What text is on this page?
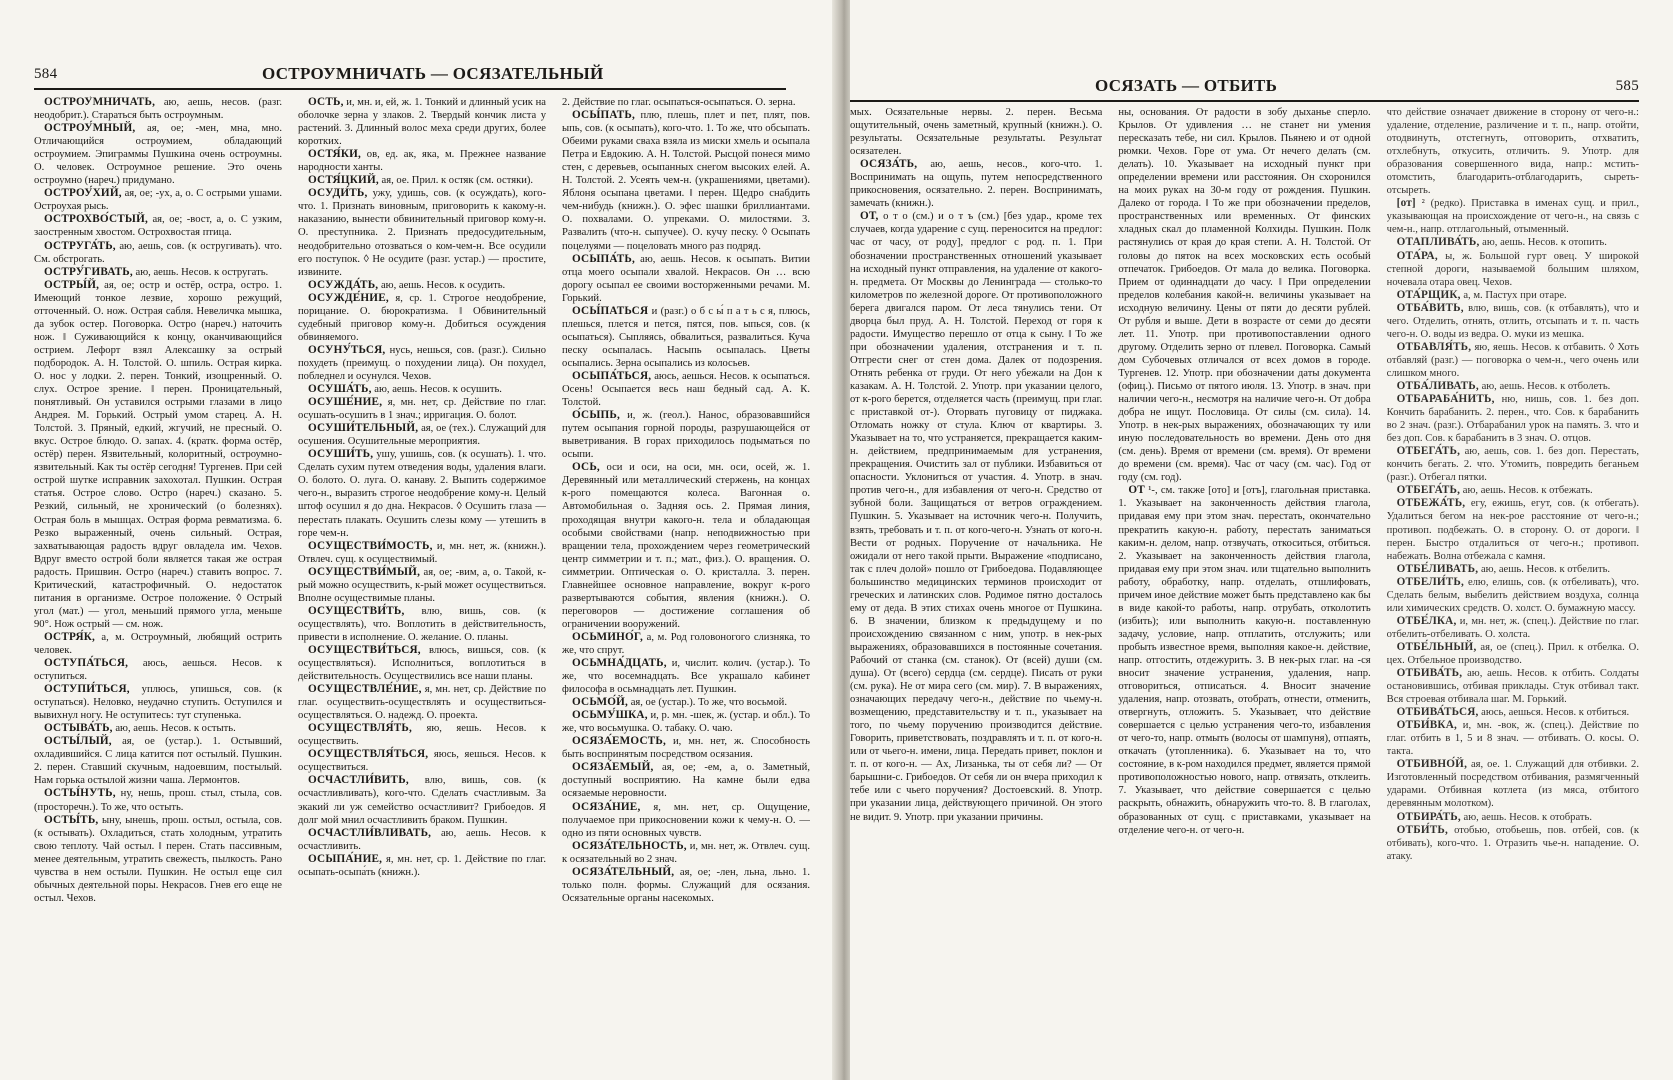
584	ОСТРОУМНИЧАТЬ — ОСЯЗАТЕЛЬНЫЙ

ОСТРОУ́МНИЧАТЬ, аю, аешь, несов. (разг. неодобрит.). Стараться быть остроумным.

ОСТРОУ́МНЫЙ, ая, ое; -мен, мна, мно. Отличающийся остроумием, обладающий остроумием. Эпиграммы Пушкина очень остроумны. О. человек. Остроумное решение. Это очень остроумно (нареч.) придумано.

ОСТРОУ́ХИЙ, ая, ое; -ух, а, о. С острыми ушами. Остроухая рысь.

ОСТРОХВО́СТЫЙ, ая, ое; -вост, а, о. С узким, заостренным хвостом. Острохвостая птица.

ОСТРУГА́ТЬ, аю, аешь, сов. (к остругивать). что. См. обстрогать.

ОСТРУ́ГИВАТЬ, аю, аешь. Несов. к остругать.

ОСТРЫ́Й, ая, ое; остр и остёр, остра, остро. 1. Имеющий тонкое лезвие, хорошо режущий, отточенный. О. нож. Острая сабля. Невеличка мышка, да зубок остер. Поговорка. Остро (нареч.) наточить нож. ‖ Суживающийся к концу, оканчивающийся острием. Лефорт взял Алексашку за острый подбородок. А. Н. Толстой. О. шпиль. Острая кирка. О. нос у лодки. 2. перен. Тонкий, изощренный. О. слух. Острое зрение. ‖ перен. Проницательный, понятливый. Он уставился острыми глазами в лицо Андрея. М. Горький. Острый умом старец. А. Н. Толстой. 3. Пряный, едкий, жгучий, не пресный. О. вкус. Острое блюдо. О. запах. 4. (кратк. форма остёр, остёр) перен. Язвительный, колоритный, остроумно-язвительный. Как ты остёр сегодня! Тургенев. При сей острой шутке исправник захохотал. Пушкин. Острая статья. Острое слово. Остро (нареч.) сказано. 5. Резкий, сильный, не хронический (о болезнях). Острая боль в мышцах. Острая форма ревматизма. 6. Резко выраженный, очень сильный. Острая, захватывающая радость вдруг овладела им. Чехов. Вдруг вместо острой боли является такая же острая радость. Пришвин. Остро (нареч.) ставить вопрос. 7. Критический, катастрофичный. О. недостаток питания в организме. Острое положение. ◊ Острый угол (мат.) — угол, меньший прямого угла, меньше 90°. Нож острый — см. нож.

ОСТРЯ́К, а, м. Остроумный, любящий острить человек.

ОСТУПА́ТЬСЯ, аюсь, аешься. Несов. к оступиться.

ОСТУПИ́ТЬСЯ, уплюсь, упишься, сов. (к оступаться). Неловко, неудачно ступить. Оступился и вывихнул ногу. Не оступитесь: тут ступенька.

ОСТЫВА́ТЬ, аю, аешь. Несов. к остыть.

ОСТЫ́ЛЫЙ, ая, ое (устар.). 1. Остывший, охладившийся. С лица катится пот остылый. Пушкин. 2. перен. Ставший скучным, надоевшим, постылый. Нам горька остылой жизни чаша. Лермонтов.

ОСТЫ́НУТЬ, ну, нешь, прош. стыл, стыла, сов. (просторечн.). То же, что остыть.

ОСТЫ́ТЬ, ыну, ынешь, прош. остыл, остыла, сов. (к остывать). Охладиться, стать холодным, утратить свою теплоту. Чай остыл. ‖ перен. Стать пассивным, менее деятельным, утратить свежесть, пылкость. Рано чувства в нем остыли. Пушкин. Не остыл еще сил обычных деятельной поры. Некрасов. Гнев его еще не остыл. Чехов.

ОСТЬ, и, мн. и, ей, ж. 1. Тонкий и длинный усик на оболочке зерна у злаков. 2. Твердый кончик листа у растений. 3. Длинный волос меха среди других, более коротких.

ОСТЯ́КИ, ов, ед. ак, яка, м. Прежнее название народности ханты.

ОСТЯ́ЦКИЙ, ая, ое. Прил. к остяк (см. остяки).

ОСУДИ́ТЬ, ужу, удишь, сов. (к осуждать), кого-что. 1. Признать виновным, приговорить к какому-н. наказанию, вынести обвинительный приговор кому-н. О. преступника. 2. Признать предосудительным, неодобрительно отозваться о ком-чем-н. Все осудили его поступок. ◊ Не осудите (разг. устар.) — простите, извините.

ОСУЖДА́ТЬ, аю, аешь. Несов. к осудить.

ОСУЖДЕ́НИЕ, я, ср. 1. Строгое неодобрение, порицание. О. бюрократизма. ‖ Обвинительный судебный приговор кому-н. Добиться осуждения обвиняемого.

ОСУНУ́ТЬСЯ, нусь, нешься, сов. (разг.). Сильно похудеть (преимущ. о похудении лица). Он похудел, побледнел и осунулся. Чехов.

ОСУША́ТЬ, аю, аешь. Несов. к осушить.

ОСУШЕ́НИЕ, я, мн. нет, ср. Действие по глаг. осушать-осушить в 1 знач.; ирригация. О. болот.

ОСУШИ́ТЕЛЬНЫЙ, ая, ое (тех.). Служащий для осушения. Осушительные мероприятия.

ОСУШИ́ТЬ, ушу, ушишь, сов. (к осушать). 1. что. Сделать сухим путем отведения воды, удаления влаги. О. болото. О. луга. О. канаву. 2. Выпить содержимое чего-н., выразить строгое неодобрение кому-н. Целый штоф осушил я до дна. Некрасов. ◊ Осушить глаза — перестать плакать. Осушить слезы кому — утешить в горе чем-н.

ОСУЩЕСТВИ́МОСТЬ, и, мн. нет, ж. (книжн.). Отвлеч. сущ. к осуществимый.

ОСУЩЕСТВИ́МЫЙ, ая, ое; -вим, а, о. Такой, к-рый можно осуществить, к-рый может осуществиться. Вполне осуществимые планы.

ОСУЩЕСТВИ́ТЬ, влю, вишь, сов. (к осуществлять), что. Воплотить в действительность, привести в исполнение. О. желание. О. планы.

ОСУЩЕСТВИ́ТЬСЯ, влюсь, вишься, сов. (к осуществляться). Исполниться, воплотиться в действительность. Осуществились все наши планы.

ОСУЩЕСТВЛЕ́НИЕ, я, мн. нет, ср. Действие по глаг. осуществить-осуществлять и осуществиться-осуществляться. О. надежд. О. проекта.

ОСУЩЕСТВЛЯ́ТЬ, яю, яешь. Несов. к осуществить.

ОСУЩЕСТВЛЯ́ТЬСЯ, яюсь, яешься. Несов. к осуществиться.

ОСЧАСТЛИ́ВИТЬ, влю, вишь, сов. (к осчастливливать), кого-что. Сделать счастливым. За экакий ли уж семейство осчастливит? Грибоедов. Я долг мой мнил осчастливить браком. Пушкин.

ОСЧАСТЛИ́ВЛИВАТЬ, аю, аешь. Несов. к осчастливить.

ОСЫПА́НИЕ, я, мн. нет, ср. 1. Действие по глаг. осыпать-осыпа́ть (книжн.).

2. Действие по глаг. осыпаться-осыпаться. О. зерна.

ОСЫ́ПАТЬ, плю, плешь, плет и пет, плят, пов. ыпь, сов. (к осыпать), кого-что. 1. То же, что обсыпать. Обеими руками сваха взяла из миски хмель и осыпала Петра и Евдокию. А. Н. Толстой. Рысцой понеся мимо стен, с деревьев, осыпанных снегом высоких елей. А. Н. Толстой. 2. Усеять чем-н. (украшениями, цветами). Яблоня осыпана цветами. ‖ перен. Щедро снабдить чем-нибудь (книжн.). О. эфес шашки бриллиантами. О. похвалами. О. упреками. О. милостями. 3. Развалить (что-н. сыпучее). О. кучу песку. ◊ Осыпать поцелуями — поцеловать много раз подряд.

ОСЫПА́ТЬ, аю, аешь. Несов. к осыпать. Витии отца моего осыпали хвалой. Некрасов. Он … всю дорогу осыпал ее своими восторженными речами. М. Горький.

ОСЫ́ПАТЬСЯ и (разг.) о б с ы́ п а т ь с я, плюсь, плешься, плется и пется, пятся, пов. ыпься, сов. (к осыпаться). Сыпляясь, обвалиться, развалиться. Куча песку осыпалась. Насыпь осыпалась. Цветы осыпались. Зерна осыпались из колосьев.

ОСЫПА́ТЬСЯ, аюсь, аешься. Несов. к осыпаться. Осень! Осыпается весь наш бедный сад. А. К. Толстой.

О́СЫПЬ, и, ж. (геол.). Нанос, образовавшийся путем осыпания горной породы, разрушающейся от выветривания. В горах приходилось подыматься по осыпи.

ОСЬ, оси и оси, на оси, мн. оси, осей, ж. 1. Деревянный или металлический стержень, на концах к-рого помещаются колеса. Вагонная о. Автомобильная о. Задняя ось. 2. Прямая линия, проходящая внутри какого-н. тела и обладающая особыми свойствами (напр. неподвижностью при вращении тела, прохождением через геометрический центр симметрии и т. п.; мат., физ.). О. вращения. О. симметрии. Оптическая о. О. кристалла. 3. перен. Главнейшее основное направление, вокруг к-рого развертываются события, явления (книжн.). О. переговоров — достижение соглашения об ограничении вооружений.

ОСЬМИНО́Г, а, м. Род головоногого слизняка, то же, что спрут.

ОСЬМНА́ДЦАТЬ, и, числит. колич. (устар.). То же, что восемнадцать. Все украшало кабинет философа в осьмнадцать лет. Пушкин.

ОСЬМО́Й, ая, ое (устар.). То же, что восьмой.

ОСЬМУ́ШКА, и, р. мн. -шек, ж. (устар. и обл.). То же, что восьмушка. О. табаку. О. чаю.

ОСЯЗА́ЕМОСТЬ, и, мн. нет, ж. Способность быть воспринятым посредством осязания.

ОСЯЗА́ЕМЫЙ, ая, ое; -ем, а, о. Заметный, доступный восприятию. На камне были едва осязаемые неровности.

ОСЯЗА́НИЕ, я, мн. нет, ср. Ощущение, получаемое при прикосновении кожи к чему-н. О. — одно из пяти основных чувств.

ОСЯЗА́ТЕЛЬНОСТЬ, и, мн. нет, ж. Отвлеч. сущ. к осязательный во 2 знач.

ОСЯЗА́ТЕЛЬНЫЙ, ая, ое; -лен, льна, льно. 1. только полн. формы. Служащий для осязания. Осязательные органы насекомых.

ОСЯЗАТЬ — ОТБИТЬ	585

мых. Осязательные нервы. 2. перен. Весьма ощутительный, очень заметный, крупный (книжн.). О. результаты. Осязательные результаты. Результат осязателен.

ОСЯЗА́ТЬ, аю, аешь, несов., кого-что. 1. Воспринимать на ощупь, путем непосредственного прикосновения, осязательно. 2. перен. Воспринимать, замечать (книжн.).

ОТ, о т о (см.) и о т ъ (см.) [без удар., кроме тех случаев, когда ударение с сущ. переносится на предлог: час от часу, от роду], предлог с род. п. 1. При обозначении пространственных отношений указывает на исходный пункт отправления, на удаление от какого-н. предмета. От Москвы до Ленинграда — столько-то километров по железной дороге. От противоположного берега двигался паром. От леса тянулись тени. От дворца был пруд. А. Н. Толстой. Переход от горя к радости. Имущество перешло от отца к сыну. ‖ То же при обозначении удаления, отстранения и т. п. Отгрести снег от стен дома. Далек от подозрения. Отнять ребенка от груди. От него убежали на Дон к казакам. А. Н. Толстой. 2. Употр. при указании целого, от к-рого берется, отделяется часть (преимущ. при глаг. с приставкой от-). Оторвать пуговицу от пиджака. Отломать ножку от стула. Ключ от квартиры. 3. Указывает на то, что устраняется, прекращается каким-н. действием, предпринимаемым для устранения, прекращения. Очистить зал от публики. Избавиться от опасности. Уклониться от участия. 4. Употр. в знач. против чего-н., для избавления от чего-н. Средство от зубной боли. Защищаться от ветров ограждением. Пушкин. 5. Указывает на источник чего-н. Получить, взять, требовать и т. п. от кого-чего-н. Узнать от кого-н. Вести от родных. Поручение от начальника. Не ожидали от него такой прыти. Выражение «подписано, так с плеч долой» пошло от Грибоедова. Подавляющее большинство медицинских терминов происходит от греческих и латинских слов. Родимое пятно досталось ему от деда. В этих стихах очень многое от Пушкина. 6. В значении, близком к предыдущему и по происхождению связанном с ним, употр. в нек-рых выражениях, образовавшихся в постоянные сочетания. Рабочий от станка (см. станок). От (всей) души (см. душа). От (всего) сердца (см. сердце). Писать от руки (см. рука). Не от мира сего (см. мир). 7. В выражениях, означающих передачу чего-н., действие по чьему-н. возмещению, представительству и т. п., указывает на того, по чьему поручению производится действие. Говорить, приветствовать, поздравлять и т. п. от кого-н. или от чьего-н. имени, лица. Передать привет, поклон и т. п. от кого-н. — Ах, Лизанька, ты от себя ли? — От барышни-с. Грибоедов. От себя ли он вчера приходил к тебе или с чьего поручения? Достоевский. 8. Употр. при указании лица, действующего причиной. Он этого не видит. 9. Употр. при указании причины.

ны, основания. От радости в зобу дыханье сперло. Крылов. От удивления … не станет ни умения пересказать тебе, ни сил. Крылов. Пьянею и от одной рюмки. Чехов. Горе от ума. От нечего делать (см. делать). 10. Указывает на исходный пункт при определении времени или расстояния. Он схоронился на моих руках на 30-м году от рождения. Пушкин. Далеко от города. ‖ То же при обозначении пределов, пространственных или временных. От финских хладных скал до пламенной Колхиды. Пушкин. Полк растянулись от края до края степи. А. Н. Толстой. От головы до пяток на всех московских есть особый отпечаток. Грибоедов. От мала до велика. Поговорка. Прием от одиннадцати до часу. ‖ При определении пределов колебания какой-н. величины указывает на исходную величину. Цены от пяти до десяти рублей. От рубля и выше. Дети в возрасте от семи до десяти лет. 11. Употр. при противопоставлении одного другому. Отделить зерно от плевел. Поговорка. Самый дом Субочевых отличался от всех домов в городе. Тургенев. 12. Употр. при обозначении даты документа (офиц.). Письмо от пятого июля. 13. Употр. в знач. при наличии чего-н., несмотря на наличие чего-н. От добра добра не ищут. Пословица. От силы (см. сила). 14. Употр. в нек-рых выражениях, обозначающих ту или иную последовательность во времени. День ото дня (см. день). Время от времени (см. время). От времени до времени (см. время). Час от часу (см. час). Год от году (см. год).

ОТ ¹-, см. также [ото] и [отъ], глагольная приставка. 1. Указывает на законченность действия глагола, придавая ему при этом знач. перестать, окончательно прекратить какую-н. работу, перестать заниматься каким-н. делом, напр. отзвучать, откоситься, отбиться. 2. Указывает на законченность действия глагола, придавая ему при этом знач. или тщательно выполнить работу, обработку, напр. отделать, отшлифовать, причем иное действие может быть представлено как бы в виде какой-то работы, напр. отрубать, отколотить (избить); или выполнить какую-н. поставленную задачу, условие, напр. отплатить, отслужить; или пробыть известное время, выполняя какое-н. действие, напр. отгостить, отдежурить. 3. В нек-рых глаг. на -ся вносит значение устранения, удаления, напр. отговориться, отписаться. 4. Вносит значение удаления, напр. отозвать, отобрать, отнести, отменить, отвергнуть, отложить. 5. Указывает, что действие совершается с целью устранения чего-то, избавления от чего-то, напр. отмыть (волосы от шампуня), отпаять, откачать (утопленника). 6. Указывает на то, что состояние, в к-ром находился предмет, является прямой противоположностью нового, напр. отвязать, отклеить. 7. Указывает, что действие совершается с целью раскрыть, обнажить, обнаружить что-то. 8. В глаголах, образованных от сущ. с приставками, указывает на отделение чего-н. от чего-н.

что действие означает движение в сторону от чего-н.: удаление, отделение, различение и т. п., напр. отойти, отодвинуть, отстегнуть, отговорить, отхватить, отхлебнуть, откусить, отличить. 9. Употр. для образования совершенного вида, напр.: мстить-отомстить, благодарить-отблагодарить, сыреть-отсыреть.

[от] ² (редко). Приставка в именах сущ. и прил., указывающая на происхождение от чего-н., на связь с чем-н., напр. отглагольный, отыменный.

ОТАПЛИВА́ТЬ, аю, аешь. Несов. к отопить.

ОТА́РА, ы, ж. Большой гурт овец. У широкой степной дороги, называемой большим шляхом, ночевала отара овец. Чехов.

ОТА́РЩИК, а, м. Пастух при отаре.

ОТБА́ВИТЬ, влю, вишь, сов. (к отбавлять), что и чего. Отделить, отнять, отлить, отсыпать и т. п. часть чего-н. О. воды из ведра. О. муки из мешка.

ОТБАВЛЯ́ТЬ, яю, яешь. Несов. к отбавить. ◊ Хоть отбавляй (разг.) — поговорка о чем-н., чего очень или слишком много.

ОТБА́ЛИВАТЬ, аю, аешь. Несов. к отболеть.

ОТБАРАБА́НИТЬ, ню, нишь, сов. 1. без доп. Кончить барабанить. 2. перен., что. Сов. к барабанить во 2 знач. (разг.). Отбарабанил урок на память. 3. что и без доп. Сов. к барабанить в 3 знач. О. отцов.

ОТБЕГА́ТЬ, аю, аешь, сов. 1. без доп. Перестать, кончить бегать. 2. что. Утомить, повредить беганьем (разг.). Отбегал пятки.

ОТБЕГА́ТЬ, аю, аешь. Несов. к отбежать.

ОТБЕЖА́ТЬ, егу, ежишь, егут, сов. (к отбегать). Удалиться бегом на нек-рое расстояние от чего-н.; противоп. подбежать. О. в сторону. О. от дороги. ‖ перен. Быстро отдалиться от чего-н.; противоп. набежать. Волна отбежала с камня.

ОТБЕ́ЛИВАТЬ, аю, аешь. Несов. к отбелить.

ОТБЕЛИ́ТЬ, елю, елишь, сов. (к отбеливать), что. Сделать белым, выбелить действием воздуха, солнца или химических средств. О. холст. О. бумажную массу.

ОТБЕ́ЛКА, и, мн. нет, ж. (спец.). Действие по глаг. отбелить-отбеливать. О. холста.

ОТБЕ́ЛЬНЫЙ, ая, ое (спец.). Прил. к отбелка. О. цех. Отбельное производство.

ОТБИВА́ТЬ, аю, аешь. Несов. к отбить. Солдаты остановившись, отбивая приклады. Стук отбивал такт. Вся строевая отбивала шаг. М. Горький.

ОТБИВА́ТЬСЯ, аюсь, аешься. Несов. к отбиться.

ОТБИ́ВКА, и, мн. -вок, ж. (спец.). Действие по глаг. отбить в 1, 5 и 8 знач. — отбивать. О. косы. О. такта.

ОТБИВНО́Й, ая, ое. 1. Служащий для отбивки. 2. Изготовленный посредством отбивания, размягченный ударами. Отбивная котлета (из мяса, отбитого деревянным молотком).

ОТБИРА́ТЬ, аю, аешь. Несов. к отобрать.

ОТБИ́ТЬ, отобью, отобьешь, пов. отбей, сов. (к отбивать), кого-что. 1. Отразить чье-н. нападение. О. атаку.
